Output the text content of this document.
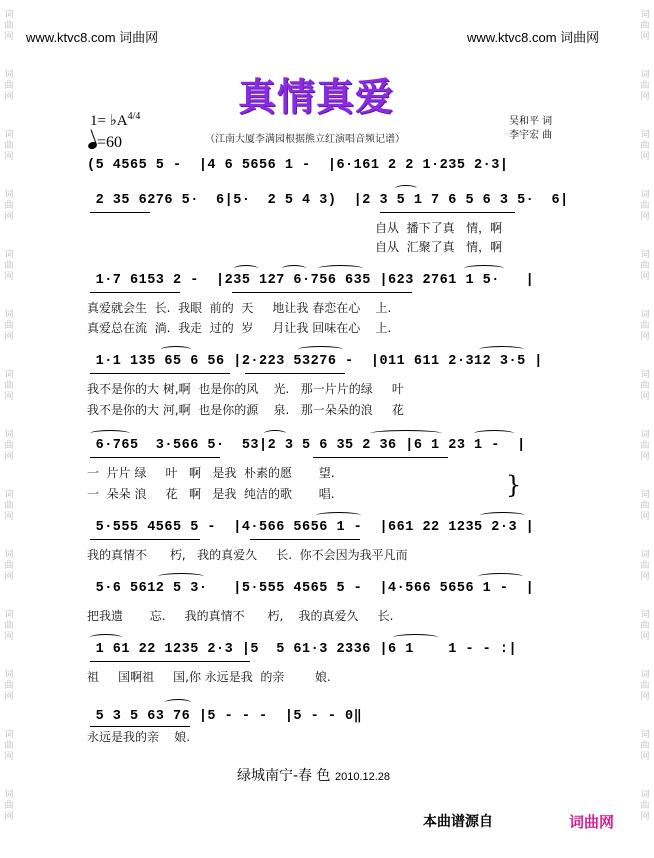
词
曲
网
词
曲
网
词
曲
网
词
曲
网
词
曲
网
词
曲
网
词
曲
网
词
曲
网
词
曲
网
词
曲
网
词
曲
网
词
曲
网
词
曲
网
词
曲
网
词
曲
网
词
曲
网
词
曲
网
词
曲
网
词
曲
网
词
曲
网
词
曲
网
词
曲
网
词
曲
网
词
曲
网
词
曲
网
词
曲
网
词
曲
网
词
曲
网
www.ktvc8.com 词曲网	www.ktvc8.com 词曲网
真情真爱
$1= ♭A^{4/4}$
=60
吴和平 词
李宇宏 曲
（江南大厦李满园根据熊立红演唱音频记谱）
(5 4565 5 -  |4 6 5656 1 -  |6·161 2 2 1·235 2·3|
2 35 6276 5·  6|5·  2 5 4 3)  |2 3 5 1 7 6 5 6 3 5·  6|
自从  播下了真   情，啊
自从  汇聚了真   情，啊
1·7 6153 2 -  |235 127 6·756 635 |623 2761 1 5·   |
真爱就会生  长.  我眼  前的  天     地让我 春恋在心    上.
真爱总在流  淌.  我走  过的  岁     月让我 回味在心    上.
1·1 135 65 6 56 |2·223 53276 -  |011 611 2·312 3·5 |
我不是你的大 树,啊  也是你的风    光.   那一片片的绿     叶
我不是你的大 河,啊  也是你的源    泉.   那一朵朵的浪     花
6·765  3·566 5·  53|2 3 5 6 35 2 36 |6 1 23 1 -  |
一  片片 绿     叶   啊   是我  朴素的愿       望.
一  朵朵 浪     花   啊   是我  纯洁的歌       唱.	}
5·555 4565 5 -  |4·566 5656 1 -  |661 22 1235 2·3 |
我的真情不      朽,   我的真爱久     长.  你不会因为我平凡而
5·6 5612 5 3·   |5·555 4565 5 -  |4·566 5656 1 -  |
把我遗       忘.     我的真情不      朽,    我的真爱久     长.
1 61 22 1235 2·3 |5  5 61·3 2336 |6 1    1 - - :|
祖     国啊祖     国,你 永远是我  的亲        娘.
5 3 5 63 76 |5 - - -  |5 - - 0‖
永远是我的亲    娘.
绿城南宁-春 色 2010.12.28
本曲谱源自	词曲网
